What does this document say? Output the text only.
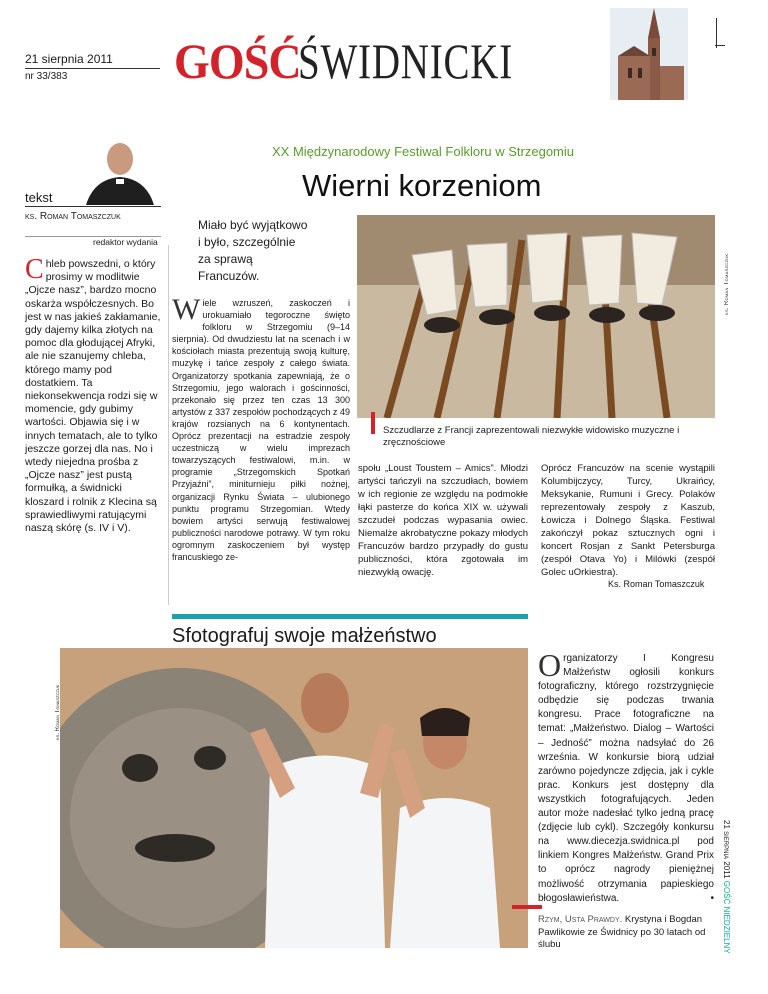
21 sierpnia 2011
nr 33/383 GOŚĆ
ŚWIDNICKI
XX Międzynarodowy Festiwal Folkloru w Strzegomiu
Wierni korzeniom
tekst
ks. Roman Tomaszczuk
redaktor wydania
Chleb powszedni, o który prosimy w modlitwie „Ojcze nasz”, bardzo mocno oskarża współczesnych. Bo jest w nas jakieś zakłamanie, gdy dajemy kilka złotych na pomoc dla głodującej Afryki, ale nie szanujemy chleba, którego mamy pod dostatkiem. Ta niekonsekwencja rodzi się w momencie, gdy gubimy wartości. Objawia się i w innych tematach, ale to tylko jeszcze gorzej dla nas. No i wtedy niejedna prośba z „Ojcze nasz” jest pustą formułką, a świdnicki kloszard i rolnik z Klecina są sprawiedliwymi ratującymi naszą skórę (s. IV i V).
Miało być wyjątkowo i było, szczególnie za sprawą Francuzów.
Wiele wzruszeń, zaskoczeń i urokuamiało tegoroczne święto folkloru w Strzegomiu (9–14 sierpnia). Od dwudziestu lat na scenach i w kościołach miasta prezentują swoją kulturę, muzykę i tańce zespoły z całego świata. Organizatorzy spotkania zapewniają, że o Strzegomiu, jego walorach i gościnności, przekonało się przez ten czas 13 300 artystów z 337 zespołów pochodzących z 49 krajów rozsianych na 6 kontynentach. Oprócz prezentacji na estradzie zespoły uczestniczą w wielu imprezach towarzyszących festiwalowi, m.in. w programie „Strzegomskich Spotkań Przyjaźni”, miniturnieju piłki nożnej, organizacji Rynku Świata – ulubionego punktu programu Strzegomian. Wtedy bowiem artyści serwują festiwalowej publiczności narodowe potrawy. W tym roku ogromnym zaskoczeniem był występ francuskiego ze-
ks. Roman Tomaszczuk
Szczudlarze z Francji zaprezentowali niezwykłe widowisko muzyczne i zręcznościowe
społu „Loust Toustem – Amics”. Młodzi artyści tańczyli na szczudłach, bowiem w ich regionie ze względu na podmokłe łąki pasterze do końca XIX w. używali szczudeł podczas wypasania owiec. Niemalże akrobatyczne pokazy młodych Francuzów bardzo przypadły do gustu publiczności, która zgotowała im niezwykłą owację.
Oprócz Francuzów na scenie wystąpili Kolumbijczycy, Turcy, Ukraińcy, Meksykanie, Rumuni i Grecy. Polaków reprezentowały zespoły z Kaszub, Łowicza i Dolnego Śląska. Festiwal zakończył pokaz sztucznych ogni i koncert Rosjan z Sankt Petersburga (zespół Otava Yo) i Milówki (zespół Golec uOrkiestra).
Ks. Roman Tomaszczuk
Sfotografuj swoje małżeństwo
ks. Roman Tomaszczuk
Organizatorzy I Kongresu Małżeństw ogłosili konkurs fotograficzny, którego rozstrzygnięcie odbędzie się podczas trwania kongresu. Prace fotograficzne na temat: „Małżeństwo. Dialog – Wartości – Jedność” można nadsyłać do 26 września. W konkursie biorą udział zarówno pojedyncze zdjęcia, jak i cykle prac. Konkurs jest dostępny dla wszystkich fotografujących. Jeden autor może nadesłać tylko jedną pracę (zdjęcie lub cykl). Szczegóły konkursu na www.diecezja.swidnica.pl pod linkiem Kongres Małżeństw. Grand Prix to oprócz nagrody pieniężnej możliwość otrzymania papieskiego błogosławieństwa.	•
Rzym, Usta Prawdy. Krystyna i Bogdan Pawlikowie ze Świdnicy po 30 latach od ślubu
21 sierpnia 2011 GOŚĆ NIEDZIELNY
